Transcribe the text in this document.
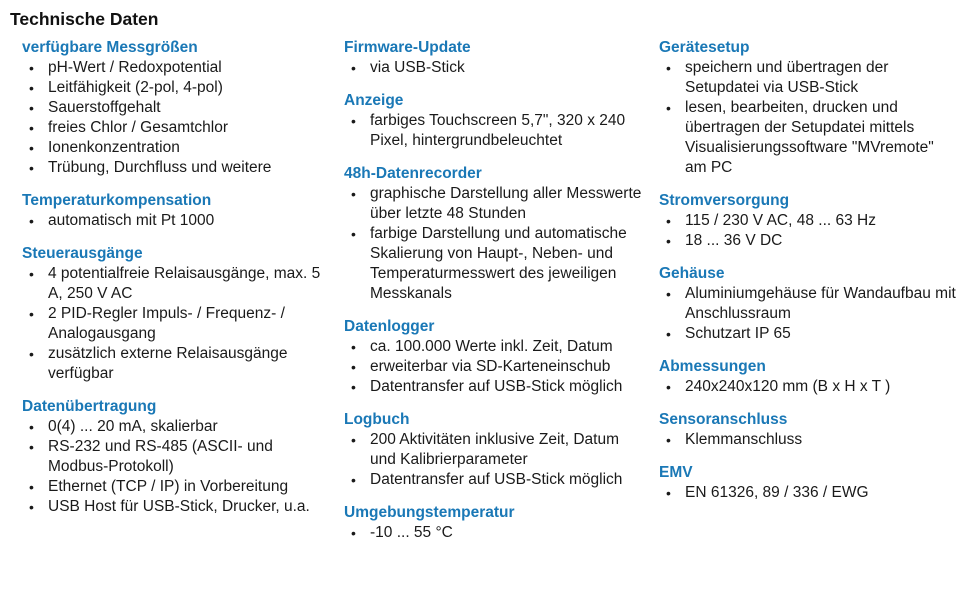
Technische Daten
verfügbare Messgrößen
• pH-Wert / Redoxpotential
• Leitfähigkeit (2-pol, 4-pol)
• Sauerstoffgehalt
• freies Chlor / Gesamtchlor
• Ionenkonzentration
• Trübung, Durchfluss und weitere
Temperaturkompensation
• automatisch mit Pt 1000
Steuerausgänge
• 4 potentialfreie Relaisausgänge, max. 5 A, 250 V AC
• 2 PID-Regler Impuls- / Frequenz- / Analogausgang
• zusätzlich externe Relaisausgänge verfügbar
Datenübertragung
• 0(4) ... 20 mA, skalierbar
• RS-232 und RS-485 (ASCII- und Modbus-Protokoll)
• Ethernet (TCP / IP) in Vorbereitung
• USB Host für USB-Stick, Drucker, u.a.
Firmware-Update
• via USB-Stick
Anzeige
• farbiges Touchscreen 5,7", 320 x 240 Pixel, hintergrundbeleuchtet
48h-Datenrecorder
• graphische Darstellung aller Messwerte über letzte 48 Stunden
• farbige Darstellung und automatische Skalierung von Haupt-, Neben- und Temperaturmesswert des jeweiligen Messkanals
Datenlogger
• ca. 100.000 Werte inkl. Zeit, Datum
• erweiterbar via SD-Karteneinschub
• Datentransfer auf USB-Stick möglich
Logbuch
• 200 Aktivitäten inklusive Zeit, Datum und Kalibrierparameter
• Datentransfer auf USB-Stick möglich
Umgebungstemperatur
• -10 ... 55 °C
Gerätesetup
• speichern und übertragen der Setupdatei via USB-Stick
• lesen, bearbeiten, drucken und übertragen der Setupdatei mittels Visualisierungssoftware "MVremote" am PC
Stromversorgung
• 115 / 230 V AC, 48 ... 63 Hz
• 18 ... 36 V DC
Gehäuse
• Aluminiumgehäuse für Wandaufbau mit Anschlussraum
• Schutzart IP 65
Abmessungen
• 240x240x120 mm (B x H x T )
Sensoranschluss
• Klemmanschluss
EMV
• EN 61326, 89 / 336 / EWG
